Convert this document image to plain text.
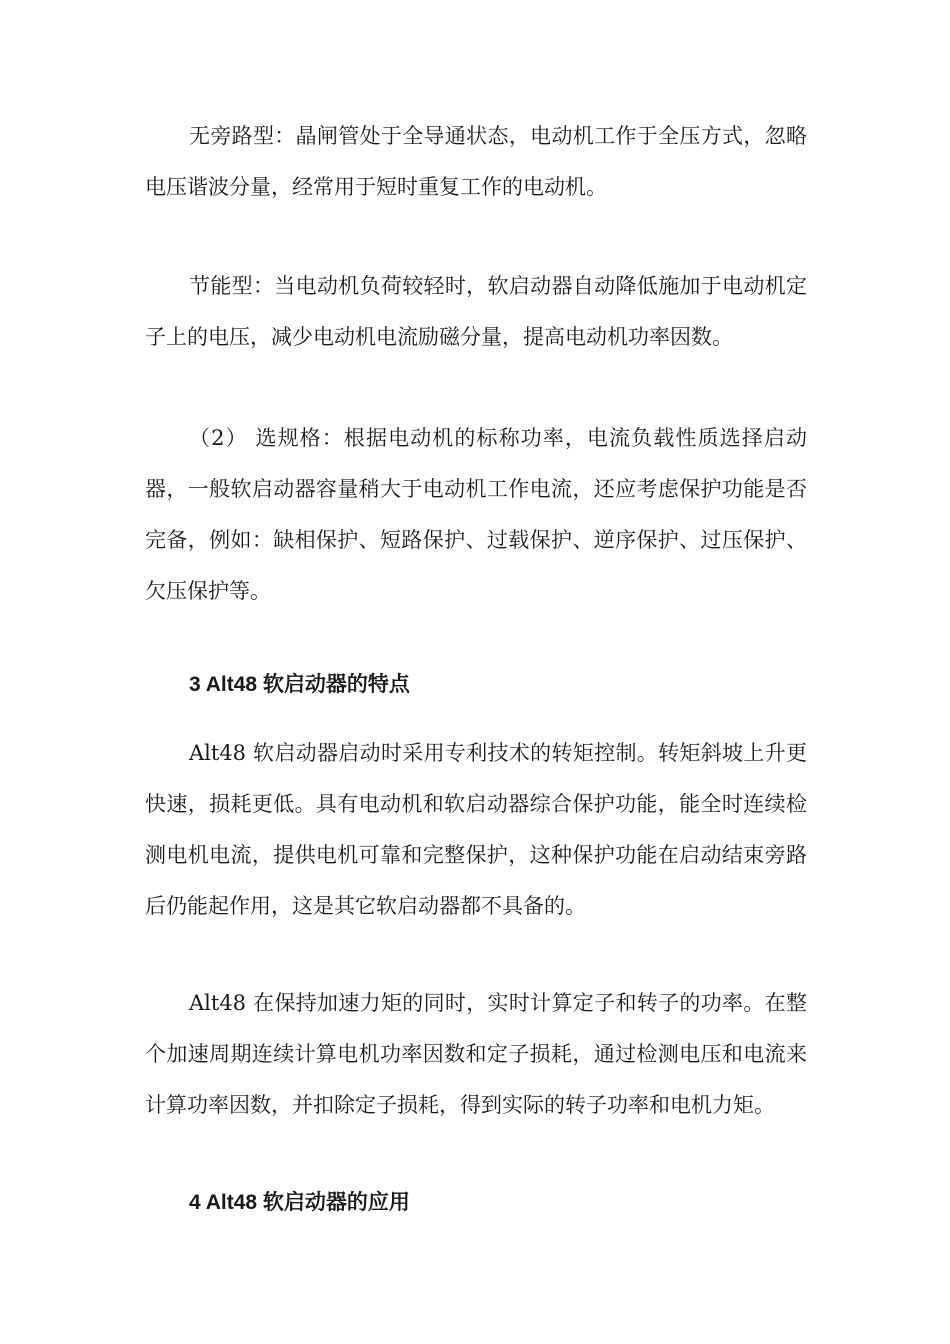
无旁路型：晶闸管处于全导通状态，电动机工作于全压方式，忽略电压谐波分量，经常用于短时重复工作的电动机。

节能型：当电动机负荷较轻时，软启动器自动降低施加于电动机定子上的电压，减少电动机电流励磁分量，提高电动机功率因数。

（2） 选规格：根据电动机的标称功率，电流负载性质选择启动器，一般软启动器容量稍大于电动机工作电流，还应考虑保护功能是否完备，例如：缺相保护、短路保护、过载保护、逆序保护、过压保护、欠压保护等。

3 Alt48 软启动器的特点

Alt48 软启动器启动时采用专利技术的转矩控制。转矩斜坡上升更快速，损耗更低。具有电动机和软启动器综合保护功能，能全时连续检测电机电流，提供电机可靠和完整保护，这种保护功能在启动结束旁路后仍能起作用，这是其它软启动器都不具备的。

Alt48 在保持加速力矩的同时，实时计算定子和转子的功率。在整个加速周期连续计算电机功率因数和定子损耗，通过检测电压和电流来计算功率因数，并扣除定子损耗，得到实际的转子功率和电机力矩。

4 Alt48 软启动器的应用
